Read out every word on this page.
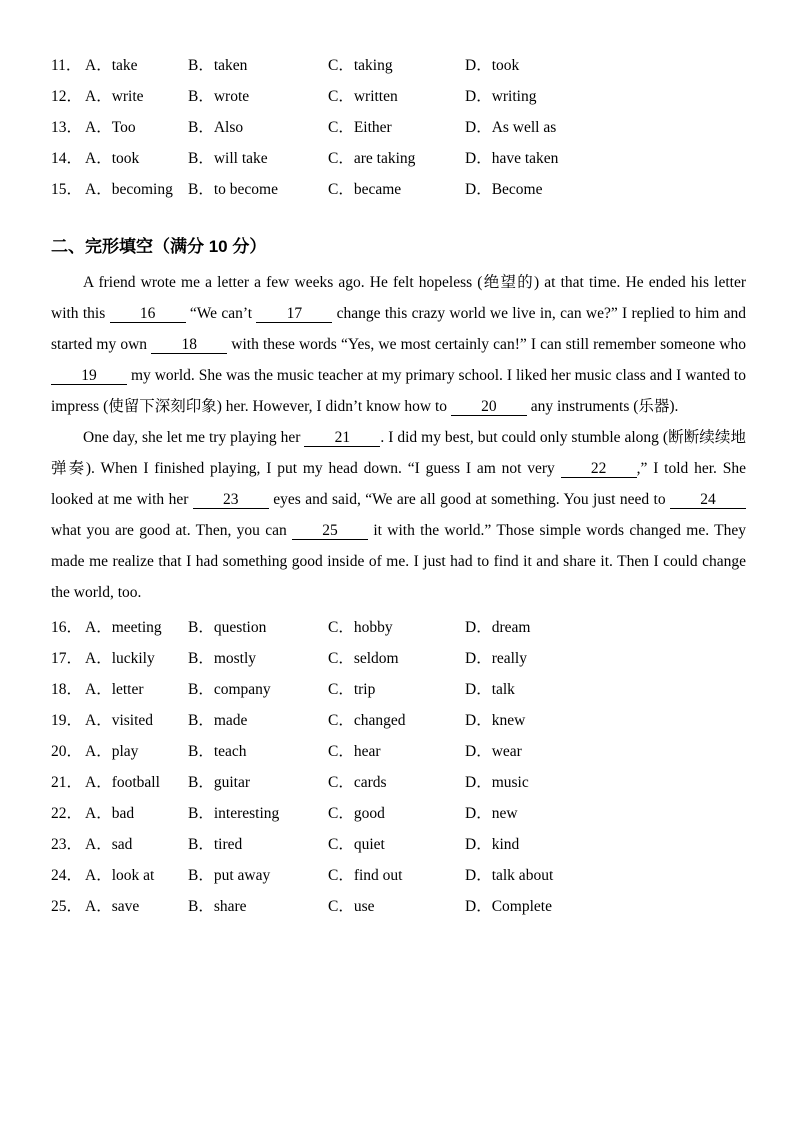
11． A．take	B．taken	C．taking	D．took
12． A．write	B．wrote	C．written	D．writing
13． A．Too	B．Also	C．Either	D．As well as
14． A．took	B．will take	C．are taking	D．have taken
15． A．becoming B．to become	C．became	D．Become
二、完形填空（满分 10 分）

A friend wrote me a letter a few weeks ago. He felt hopeless (绝望的) at that time. He ended his letter with this 16 “We can’t 17 change this crazy world we live in, can we?” I replied to him and started my own 18 with these words “Yes, we most certainly can!” I can still remember someone who 19 my world. She was the music teacher at my primary school. I liked her music class and I wanted to impress (使留下深刻印象) her. However, I didn’t know how to 20 any instruments (乐器).

One day, she let me try playing her 21 . I did my best, but could only stumble along (断断续续地弹奏). When I finished playing, I put my head down. “I guess I am not very 22 ,” I told her. She looked at me with her 23 eyes and said, “We are all good at something. You just need to 24 what you are good at. Then, you can 25 it with the world.” Those simple words changed me. They made me realize that I had something good inside of me. I just had to find it and share it. Then I could change the world, too.

16． A．meeting	B．question	C．hobby	D．dream
17． A．luckily	B．mostly	C．seldom	D．really
18． A．letter	B．company	C．trip	D．talk
19． A．visited	B．made	C．changed	D．knew
20． A．play	B．teach	C．hear	D．wear
21． A．football	B．guitar	C．cards	D．music
22． A．bad	B．interesting	C．good	D．new
23． A．sad	B．tired	C．quiet	D．kind
24． A．look at	B．put away	C．find out	D．talk about
25． A．save	B．share	C．use	D．Complete
